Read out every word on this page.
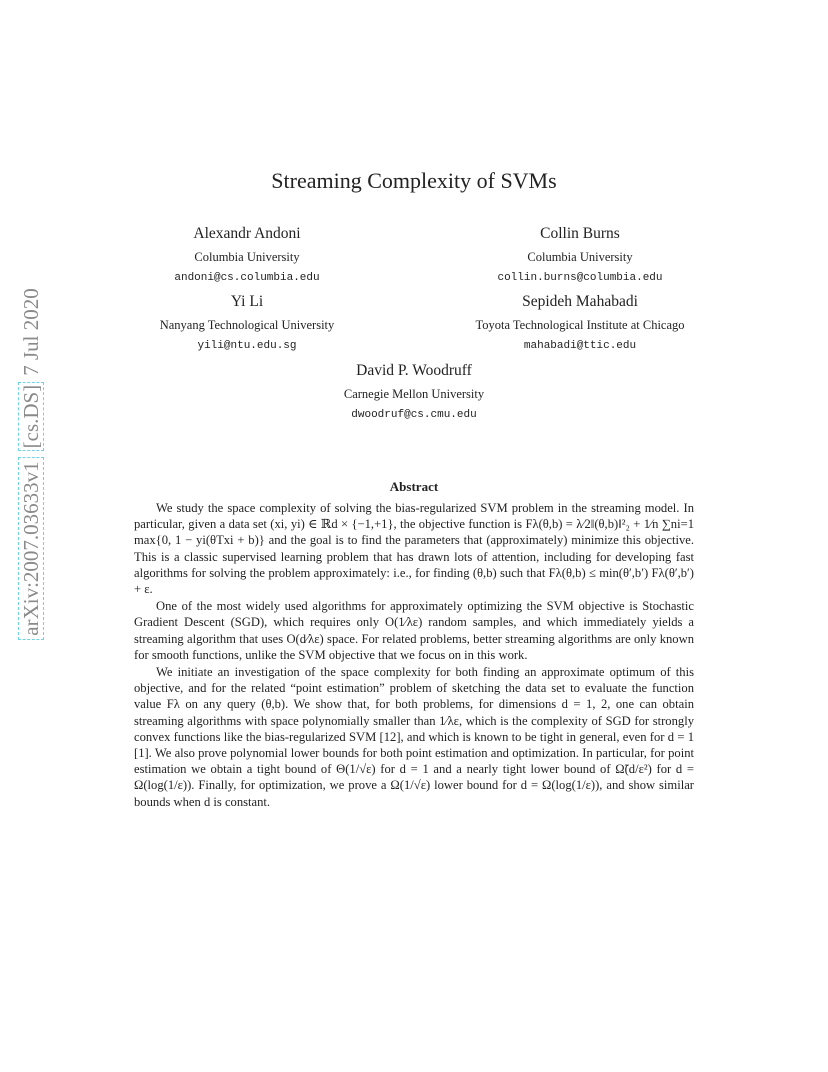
arXiv:2007.03633v1[cs.DS]7 Jul 2020
Streaming Complexity of SVMs
Alexandr Andoni
Columbia University
andoni@cs.columbia.edu
Collin Burns
Columbia University
collin.burns@columbia.edu
Yi Li
Nanyang Technological University
yili@ntu.edu.sg
Sepideh Mahabadi
Toyota Technological Institute at Chicago
mahabadi@ttic.edu
David P. Woodruff
Carnegie Mellon University
dwoodruf@cs.cmu.edu
Abstract

We study the space complexity of solving the bias-regularized SVM problem in the streaming model. In particular, given a data set (xi, yi) ∈ ℝd × {−1,+1}, the objective function is Fλ(θ,b) = λ⁄2‖(θ,b)‖²₂ + 1⁄n ∑ni=1 max{0, 1 − yi(θTxi + b)} and the goal is to find the parameters that (approximately) minimize this objective. This is a classic supervised learning problem that has drawn lots of attention, including for developing fast algorithms for solving the problem approximately: i.e., for finding (θ,b) such that Fλ(θ,b) ≤ min(θ′,b′) Fλ(θ′,b′) + ε.

One of the most widely used algorithms for approximately optimizing the SVM objective is Stochastic Gradient Descent (SGD), which requires only O(1⁄λε) random samples, and which immediately yields a streaming algorithm that uses O(d⁄λε) space. For related problems, better streaming algorithms are only known for smooth functions, unlike the SVM objective that we focus on in this work.

We initiate an investigation of the space complexity for both finding an approximate optimum of this objective, and for the related “point estimation” problem of sketching the data set to evaluate the function value Fλ on any query (θ,b). We show that, for both problems, for dimensions d = 1, 2, one can obtain streaming algorithms with space polynomially smaller than 1⁄λε, which is the complexity of SGD for strongly convex functions like the bias-regularized SVM [12], and which is known to be tight in general, even for d = 1 [1]. We also prove polynomial lower bounds for both point estimation and optimization. In particular, for point estimation we obtain a tight bound of Θ(1/√ε) for d = 1 and a nearly tight lower bound of Ω̃(d/ε²) for d = Ω(log(1/ε)). Finally, for optimization, we prove a Ω(1/√ε) lower bound for d = Ω(log(1/ε)), and show similar bounds when d is constant.
